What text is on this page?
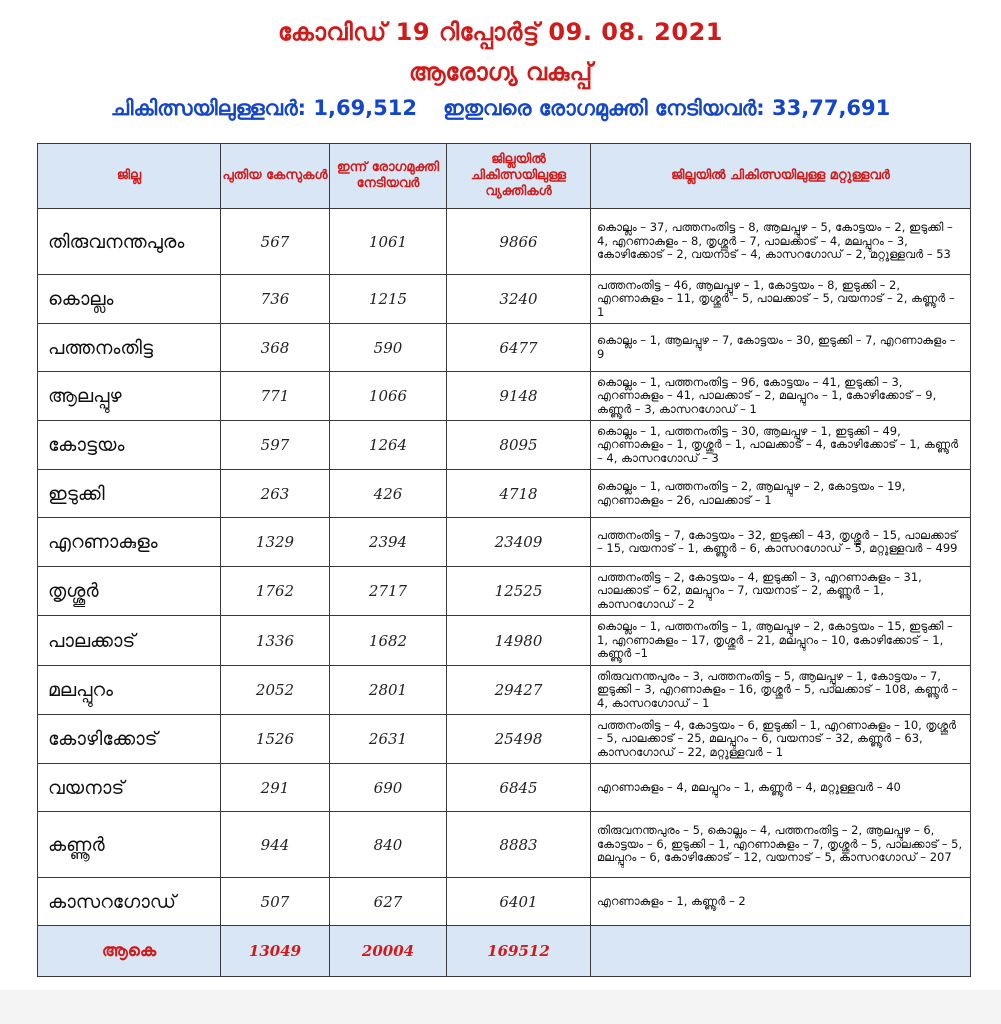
കോവിഡ് 19 റിപ്പോർട്ട് 09. 08. 2021
ആരോഗ്യ വകുപ്പ്
ചികിത്സയിലുള്ളവർ: 1,69,512 ഇതുവരെ രോഗമുക്തി നേടിയവർ: 33,77,691
ജില്ല	പുതിയ കേസുകൾ	ഇന്ന് രോഗമുക്തി നേടിയവർ	ജില്ലയിൽ ചികിത്സയിലുള്ള വ്യക്തികൾ	ജില്ലയിൽ ചികിത്സയിലുള്ള മറ്റുള്ളവർ
തിരുവനന്തപുരം	567	1061	9866	കൊല്ലം – 37, പത്തനംതിട്ട – 8, ആലപ്പുഴ – 5, കോട്ടയം – 2, ഇടുക്കി – 4, എറണാകുളം – 8, തൃശ്ശൂർ – 7, പാലക്കാട് – 4, മലപ്പുറം – 3, കോഴിക്കോട് – 2, വയനാട് – 4, കാസറഗോഡ് – 2, മറ്റുള്ളവർ – 53
കൊല്ലം	736	1215	3240	പത്തനംതിട്ട – 46, ആലപ്പുഴ – 1, കോട്ടയം – 8, ഇടുക്കി – 2, എറണാകുളം – 11, തൃശ്ശൂർ – 5, പാലക്കാട് – 5, വയനാട് – 2, കണ്ണൂർ – 1
പത്തനംതിട്ട	368	590	6477	കൊല്ലം – 1, ആലപ്പുഴ – 7, കോട്ടയം – 30, ഇടുക്കി – 7, എറണാകുളം – 9
ആലപ്പുഴ	771	1066	9148	കൊല്ലം – 1, പത്തനംതിട്ട – 96, കോട്ടയം – 41, ഇടുക്കി – 3, എറണാകുളം – 41, പാലക്കാട് – 2, മലപ്പുറം – 1, കോഴിക്കോട് – 9, കണ്ണൂർ – 3, കാസറഗോഡ് – 1
കോട്ടയം	597	1264	8095	കൊല്ലം – 1, പത്തനംതിട്ട – 30, ആലപ്പുഴ – 1, ഇടുക്കി – 49, എറണാകുളം – 1, തൃശ്ശൂർ – 1, പാലക്കാട് – 4, കോഴിക്കോട് – 1, കണ്ണൂർ – 4, കാസറഗോഡ് – 3
ഇടുക്കി	263	426	4718	കൊല്ലം – 1, പത്തനംതിട്ട – 2, ആലപ്പുഴ – 2, കോട്ടയം – 19, എറണാകുളം – 26, പാലക്കാട് – 1
എറണാകുളം	1329	2394	23409	പത്തനംതിട്ട – 7, കോട്ടയം – 32, ഇടുക്കി – 43, തൃശ്ശൂർ – 15, പാലക്കാട് – 15, വയനാട് – 1, കണ്ണൂർ – 6, കാസറഗോഡ് – 5, മറ്റുള്ളവർ – 499
തൃശ്ശൂർ	1762	2717	12525	പത്തനംതിട്ട – 2, കോട്ടയം – 4, ഇടുക്കി – 3, എറണാകുളം – 31, പാലക്കാട് – 62, മലപ്പുറം – 7, വയനാട് – 2, കണ്ണൂർ – 1, കാസറഗോഡ് – 2
പാലക്കാട്	1336	1682	14980	കൊല്ലം – 1, പത്തനംതിട്ട – 1, ആലപ്പുഴ – 2, കോട്ടയം – 15, ഇടുക്കി – 1, എറണാകുളം – 17, തൃശ്ശൂർ – 21, മലപ്പുറം – 10, കോഴിക്കോട് – 1, കണ്ണൂർ –1
മലപ്പുറം	2052	2801	29427	തിരുവനന്തപുരം – 3, പത്തനംതിട്ട – 5, ആലപ്പുഴ – 1, കോട്ടയം – 7, ഇടുക്കി – 3, എറണാകുളം – 16, തൃശ്ശൂർ – 5, പാലക്കാട് – 108, കണ്ണൂർ – 4, കാസറഗോഡ് – 1
കോഴിക്കോട്	1526	2631	25498	പത്തനംതിട്ട – 4, കോട്ടയം – 6, ഇടുക്കി – 1, എറണാകുളം – 10, തൃശ്ശൂർ – 5, പാലക്കാട് – 25, മലപ്പുറം – 6, വയനാട് – 32, കണ്ണൂർ – 63, കാസറഗോഡ് – 22, മറ്റുള്ളവർ – 1
വയനാട്	291	690	6845	എറണാകുളം – 4, മലപ്പുറം – 1, കണ്ണൂർ – 4, മറ്റുള്ളവർ – 40
കണ്ണൂർ	944	840	8883	തിരുവനന്തപുരം – 5, കൊല്ലം – 4, പത്തനംതിട്ട – 2, ആലപ്പുഴ – 6, കോട്ടയം – 6, ഇടുക്കി – 1, എറണാകുളം – 7, തൃശ്ശൂർ – 5, പാലക്കാട് – 5, മലപ്പുറം – 6, കോഴിക്കോട് – 12, വയനാട് – 5, കാസറഗോഡ് – 207
കാസറഗോഡ്	507	627	6401	എറണാകുളം – 1, കണ്ണൂർ – 2
ആകെ	13049	20004	169512	
